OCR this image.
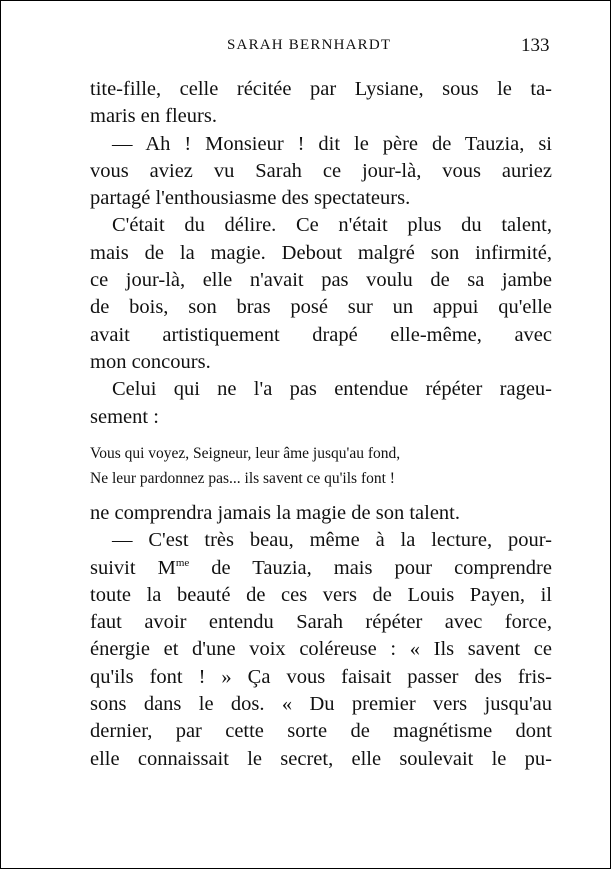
SARAH BERNHARDT	133

tite-fille, celle récitée par Lysiane, sous le ta-
maris en fleurs.

— Ah ! Monsieur ! dit le père de Tauzia, si
vous aviez vu Sarah ce jour-là, vous auriez
partagé l'enthousiasme des spectateurs.

C'était du délire. Ce n'était plus du talent,
mais de la magie. Debout malgré son infirmité,
ce jour-là, elle n'avait pas voulu de sa jambe
de bois, son bras posé sur un appui qu'elle
avait artistiquement drapé elle-même, avec
mon concours.

Celui qui ne l'a pas entendue répéter rageu-
sement :

Vous qui voyez, Seigneur, leur âme jusqu'au fond,
Ne leur pardonnez pas... ils savent ce qu'ils font !

ne comprendra jamais la magie de son talent.

— C'est très beau, même à la lecture, pour-
suivit $M^{me}$ de Tauzia, mais pour comprendre
toute la beauté de ces vers de Louis Payen, il
faut avoir entendu Sarah répéter avec force,
énergie et d'une voix coléreuse : « Ils savent ce
qu'ils font ! » Ça vous faisait passer des fris-
sons dans le dos. « Du premier vers jusqu'au
dernier, par cette sorte de magnétisme dont
elle connaissait le secret, elle soulevait le pu-
